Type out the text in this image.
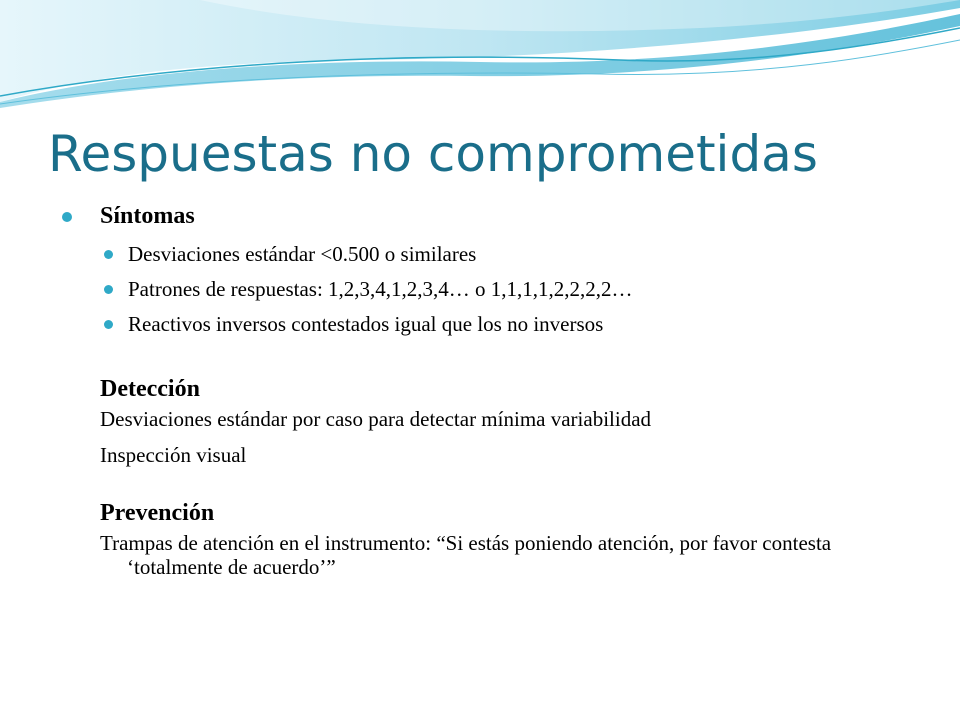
Respuestas no comprometidas
Síntomas
Desviaciones estándar <0.500 o similares
Patrones de respuestas: 1,2,3,4,1,2,3,4… o 1,1,1,1,2,2,2,2…
Reactivos inversos contestados igual que los no inversos
Detección
Desviaciones estándar por caso para detectar mínima variabilidad
Inspección visual
Prevención
Trampas de atención en el instrumento: “Si estás poniendo atención, por favor contesta ‘totalmente de acuerdo’”
